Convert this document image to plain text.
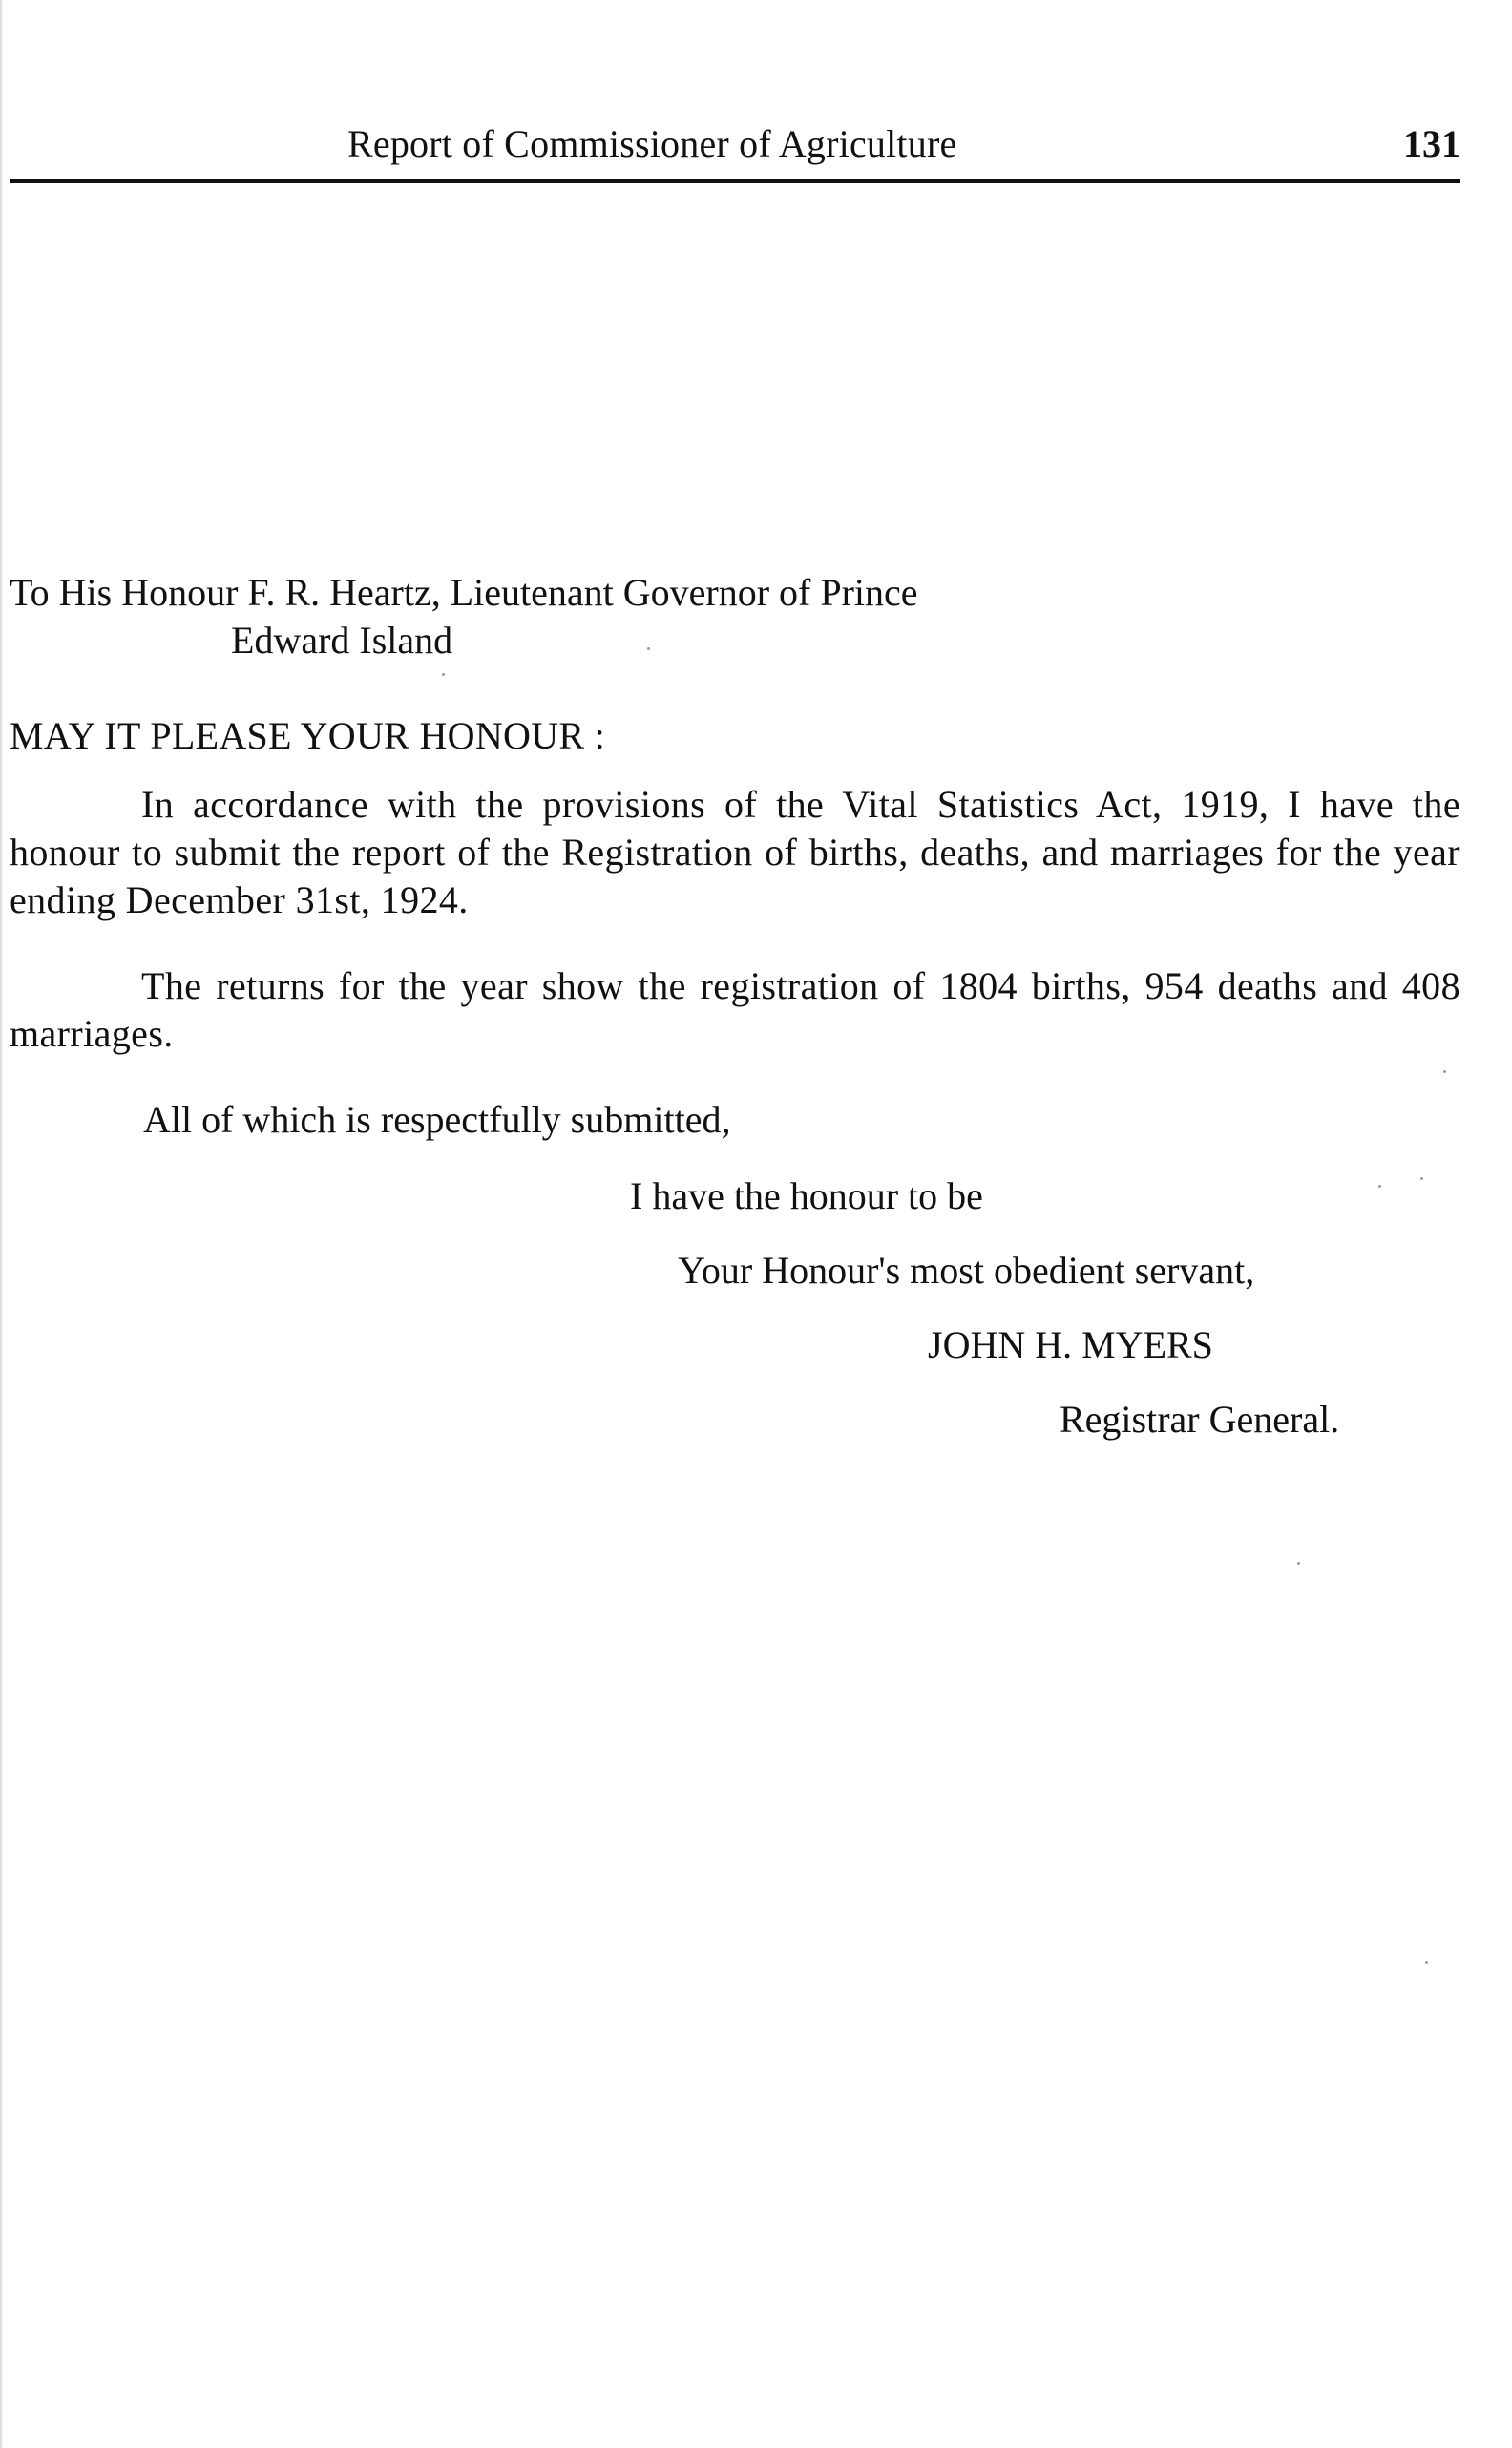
Report of Commissioner of Agriculture	131
To His Honour F. R. Heartz, Lieutenant Governor of Prince
Edward Island
MAY IT PLEASE YOUR HONOUR :

In accordance with the provisions of the Vital Statistics Act, 1919, I have the honour to submit the report of the Registration of births, deaths, and marriages for the year ending December 31st, 1924.

The returns for the year show the registration of 1804 births, 954 deaths and 408 marriages.

All of which is respectfully submitted,
I have the honour to be
Your Honour's most obedient servant,
JOHN H. MYERS
Registrar General.
